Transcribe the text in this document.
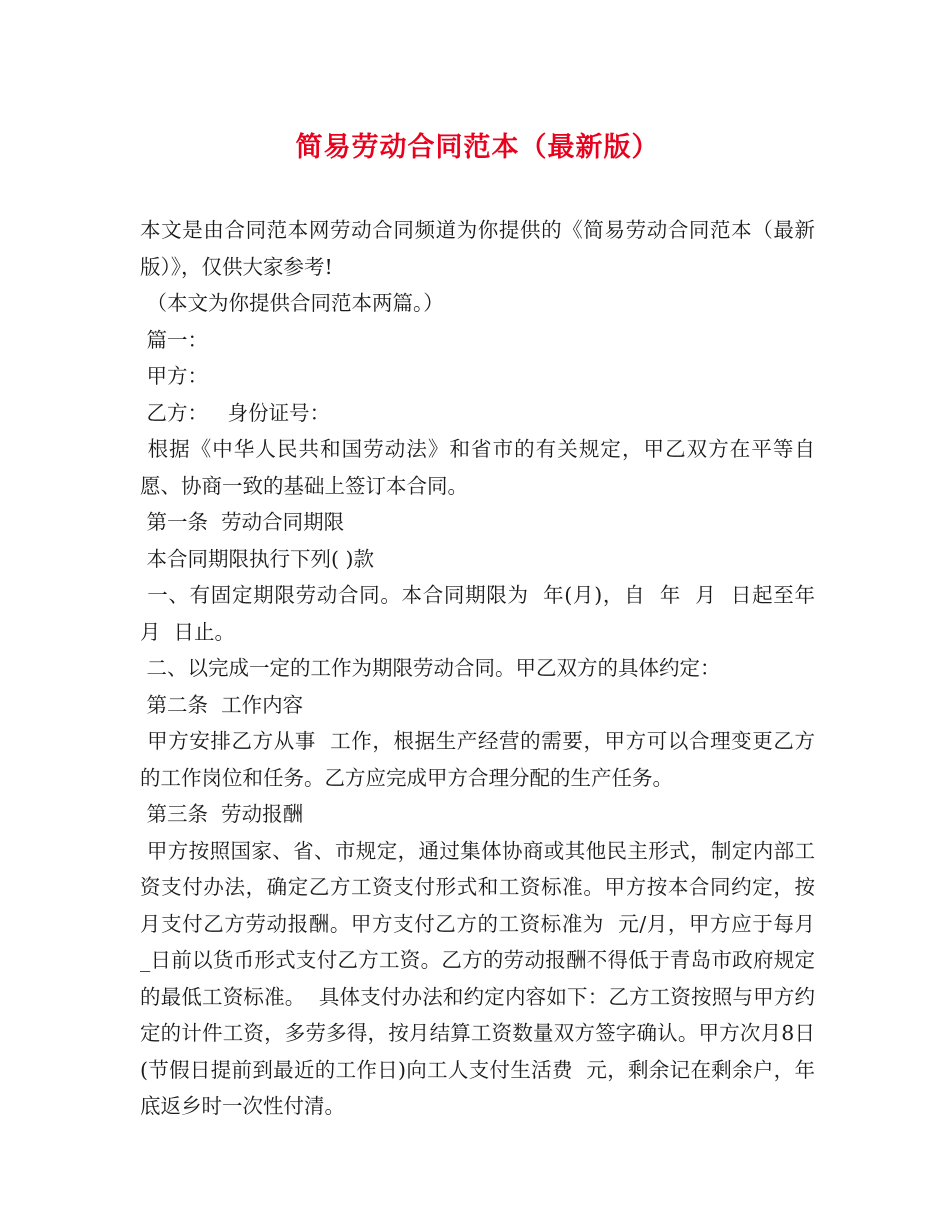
简易劳动合同范本（最新版）

本文是由合同范本网劳动合同频道为你提供的《简易劳动合同范本（最新版）》，仅供大家参考!

（本文为你提供合同范本两篇。）

篇一：

甲方：

乙方：   身份证号：

根据《中华人民共和国劳动法》和省市的有关规定，甲乙双方在平等自愿、协商一致的基础上签订本合同。

第一条  劳动合同期限

本合同期限执行下列( )款

一、有固定期限劳动合同。本合同期限为  年(月)，自  年  月  日起至年  月  日止。

二、以完成一定的工作为期限劳动合同。甲乙双方的具体约定：

第二条  工作内容

甲方安排乙方从事  工作，根据生产经营的需要，甲方可以合理变更乙方的工作岗位和任务。乙方应完成甲方合理分配的生产任务。

第三条  劳动报酬

甲方按照国家、省、市规定，通过集体协商或其他民主形式，制定内部工资支付办法，确定乙方工资支付形式和工资标准。甲方按本合同约定，按月支付乙方劳动报酬。甲方支付乙方的工资标准为  元/月，甲方应于每月  _日前以货币形式支付乙方工资。乙方的劳动报酬不得低于青岛市政府规定的最低工资标准。  具体支付办法和约定内容如下：乙方工资按照与甲方约定的计件工资，多劳多得，按月结算工资数量双方签字确认。甲方次月8日(节假日提前到最近的工作日)向工人支付生活费  元，剩余记在剩余户，年底返乡时一次性付清。
